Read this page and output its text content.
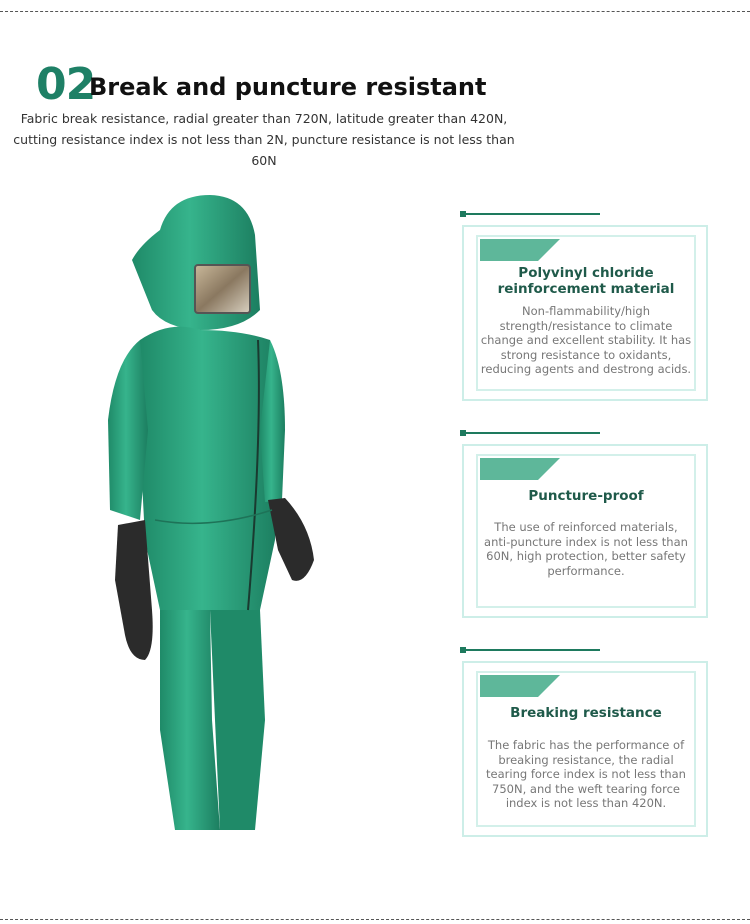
02
Break and puncture resistant
Fabric break resistance, radial greater than 720N, latitude greater than 420N,
cutting resistance index is not less than 2N, puncture resistance is not less than 60N
Polyvinyl chloride
reinforcement material
Non-flammability/high
strength/resistance to climate
change and excellent stability. It has
strong resistance to oxidants,
reducing agents and destrong acids.
Puncture-proof
The use of reinforced materials,
anti-puncture index is not less than
60N, high protection, better safety
performance.
Breaking resistance
The fabric has the performance of
breaking resistance, the radial
tearing force index is not less than
750N, and the weft tearing force
index is not less than 420N.
